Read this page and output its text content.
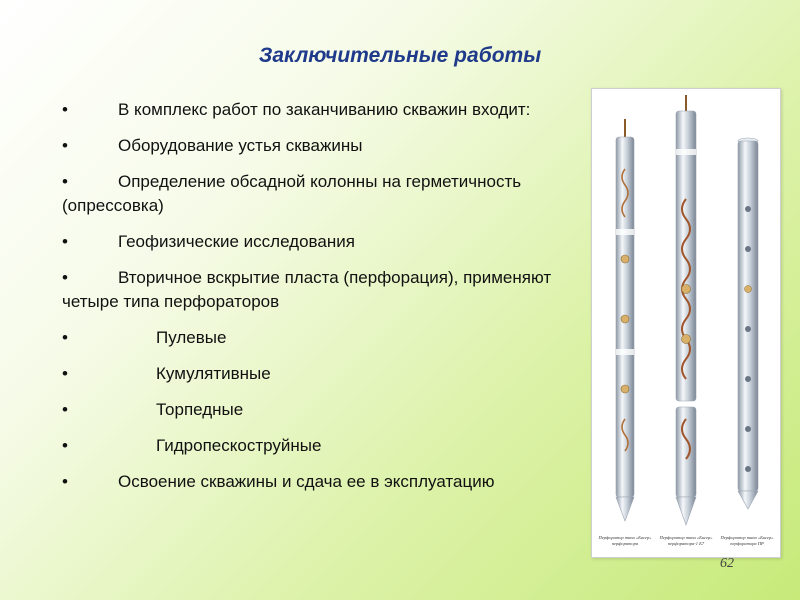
Заключительные работы
•	В комплекс работ по заканчиванию скважин входит:
•	Оборудование устья скважины
•	Определение обсадной колонны на герметичность (опрессовка)
•	Геофизические исследования
•	Вторичное вскрытие пласта (перфорация), применяют четыре типа перфораторов
•	Пулевые
•	Кумулятивные
•	Торпедные
•	Гидропескоструйные
•	Освоение скважины и сдача ее в эксплуатацию
Перфоратор типа «Бисер» перфоратора
Перфоратор типа «Бисер» перфоратора-1 Б7
Перфоратор типа «Бисер» перфоратора ПР
62
